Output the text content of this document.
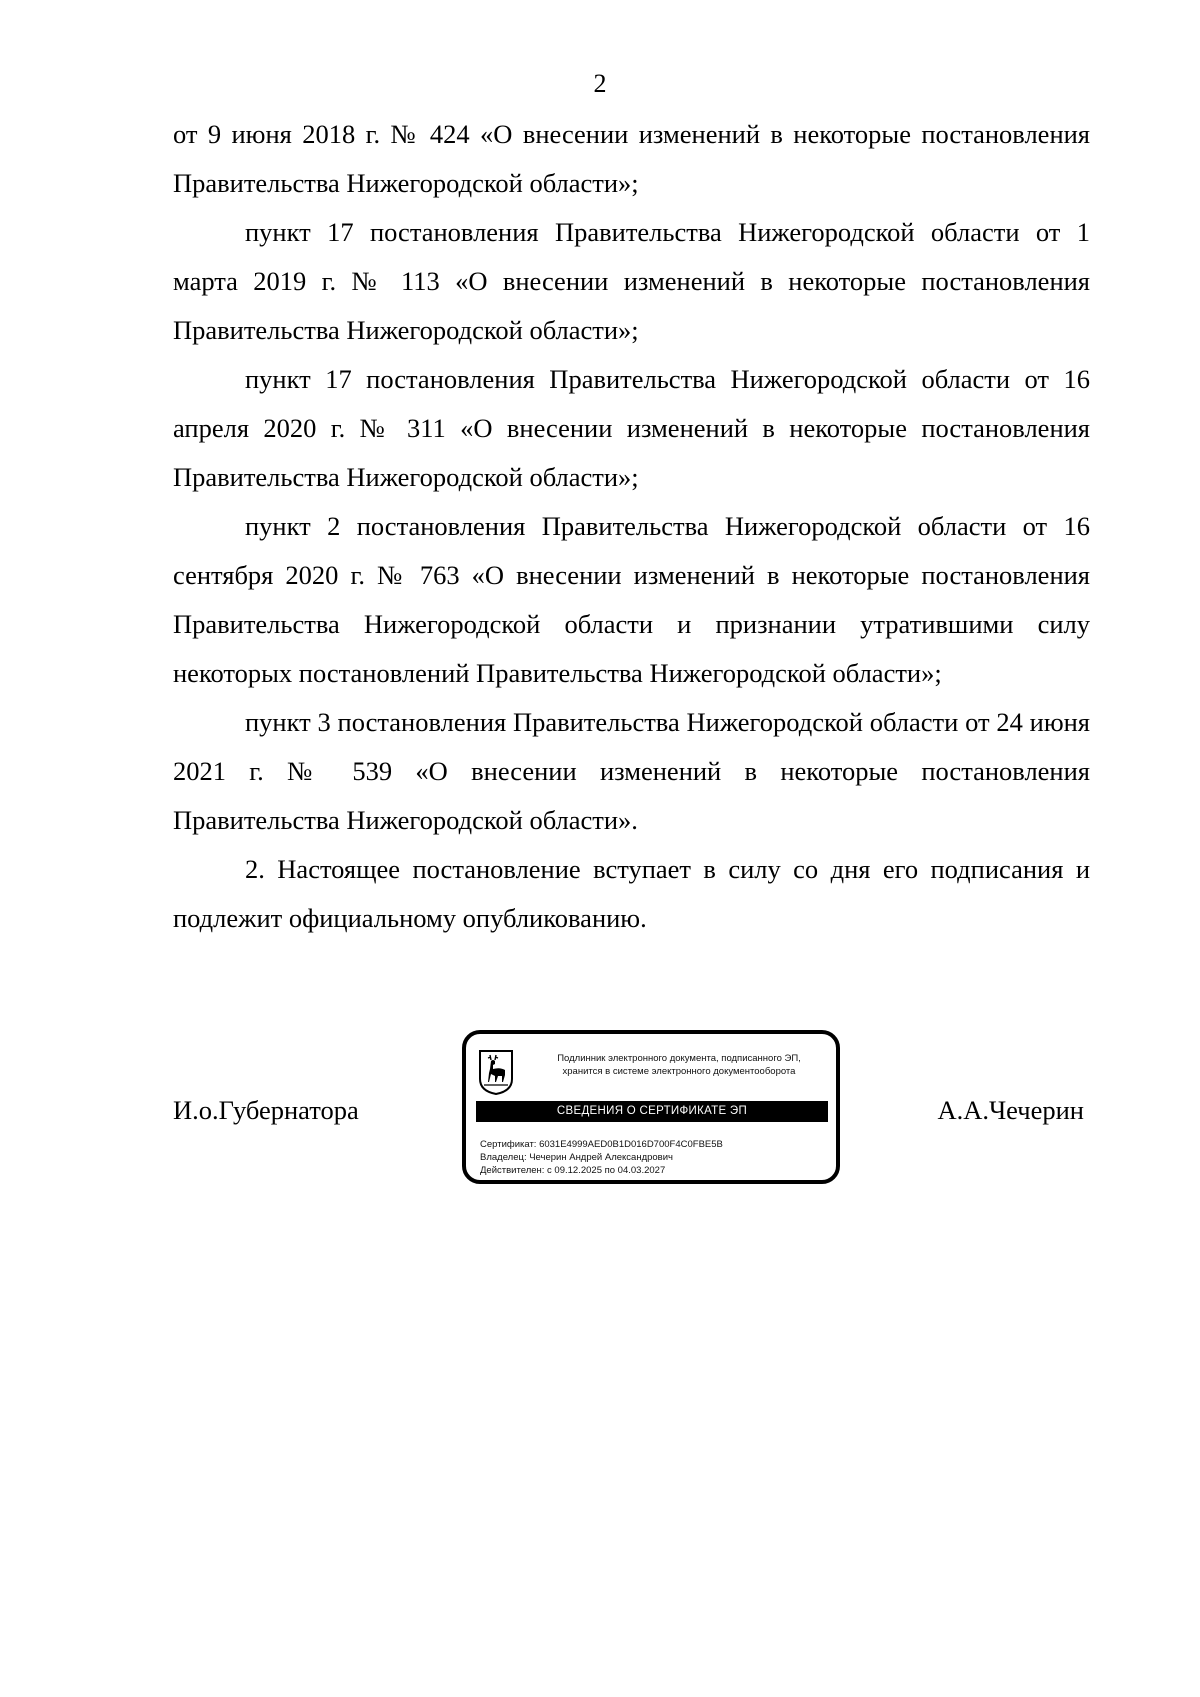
2

от 9 июня 2018 г. № 424 «О внесении изменений в некоторые постановления Правительства Нижегородской области»;

пункт 17 постановления Правительства Нижегородской области от 1 марта 2019 г. № 113 «О внесении изменений в некоторые постановления Правительства Нижегородской области»;

пункт 17 постановления Правительства Нижегородской области от 16 апреля 2020 г. № 311 «О внесении изменений в некоторые постановления Правительства Нижегородской области»;

пункт 2 постановления Правительства Нижегородской области от 16 сентября 2020 г. № 763 «О внесении изменений в некоторые постановления Правительства Нижегородской области и признании утратившими силу некоторых постановлений Правительства Нижегородской области»;

пункт 3 постановления Правительства Нижегородской области от 24 июня 2021 г. № 539 «О внесении изменений в некоторые постановления Правительства Нижегородской области».

2. Настоящее постановление вступает в силу со дня его подписания и подлежит официальному опубликованию.

И.о.Губернатора	А.А.Чечерин
Подлинник электронного документа, подписанного ЭП,
хранится в системе электронного документооборота
СВЕДЕНИЯ О СЕРТИФИКАТЕ ЭП
Сертификат: 6031E4999AED0B1D016D700F4C0FBE5B
Владелец: Чечерин Андрей Александрович
Действителен: с 09.12.2025 по 04.03.2027
